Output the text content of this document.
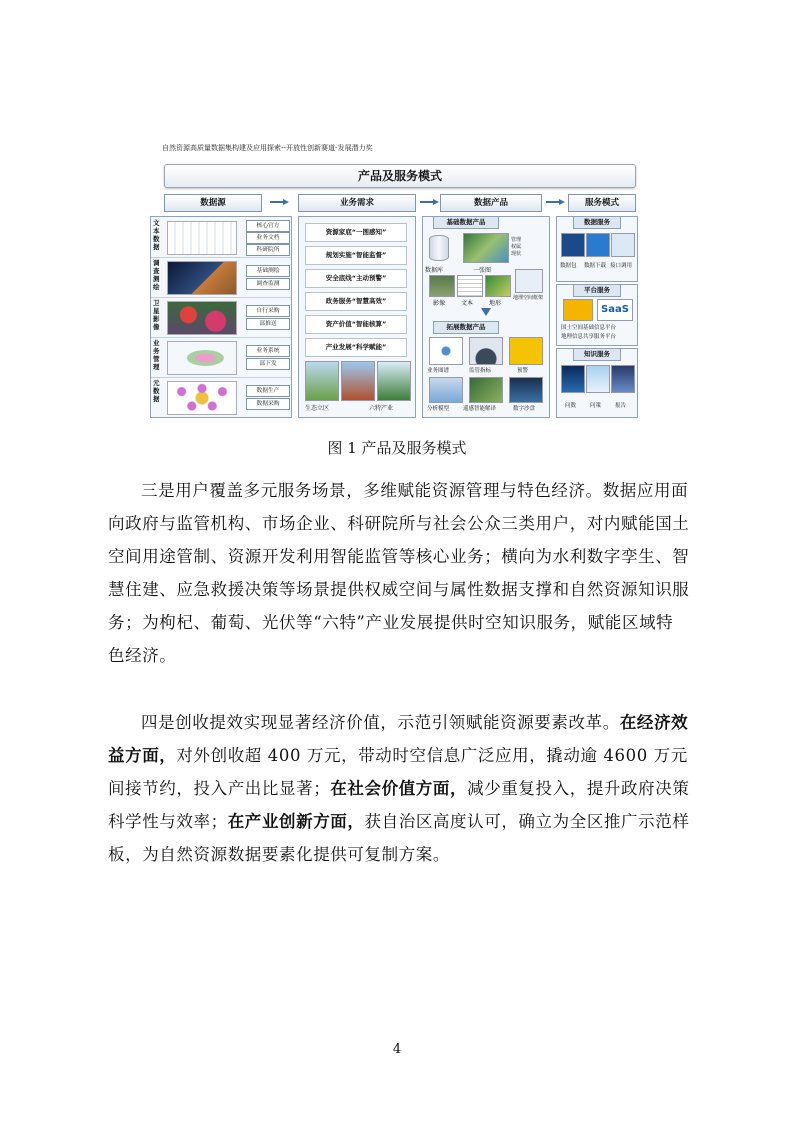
自然资源高质量数据集构建及应用探索--开放性创新赛道-发展潜力奖
产品及服务模式
数据源	业务需求	数据产品	服务模式
文本数据
核心官方
业务文档
科研院所
调查测绘
基础测绘
调查监测
卫星影像
自行采购
部推送
业务管理
业务系统
部下发
元数据
数据生产
数据采购
资源家底“一图感知”
规划实施“智能监督”
安全底线“主动预警”
政务服务“智慧高效”
资产价值“智能核算”
产业发展“科学赋能”
生态立区	六特产业
基础数据产品
管理
权属
现状
数据库	一张图
影像	文本	地形
地理空间框架
拓展数据产品
业务图谱	监管指标	预警
分析模型	遥感智能解译	数字沙盘
数据服务
数据包 数据下载 接口调用
平台服务
SaaS
国土空间基础信息平台
地理信息共享服务平台
知识服务
问数	问策	报告
图 1 产品及服务模式

三是用户覆盖多元服务场景，多维赋能资源管理与特色经济。数据应用面向政府与监管机构、市场企业、科研院所与社会公众三类用户，对内赋能国土空间用途管制、资源开发利用智能监管等核心业务；横向为水利数字孪生、智慧住建、应急救援决策等场景提供权威空间与属性数据支撑和自然资源知识服务；为枸杞、葡萄、光伏等“六特”产业发展提供时空知识服务，赋能区域特色经济。

四是创收提效实现显著经济价值，示范引领赋能资源要素改革。在经济效益方面，对外创收超 400 万元，带动时空信息广泛应用，撬动逾 4600 万元间接节约，投入产出比显著；在社会价值方面，减少重复投入，提升政府决策科学性与效率；在产业创新方面，获自治区高度认可，确立为全区推广示范样板，为自然资源数据要素化提供可复制方案。

4
